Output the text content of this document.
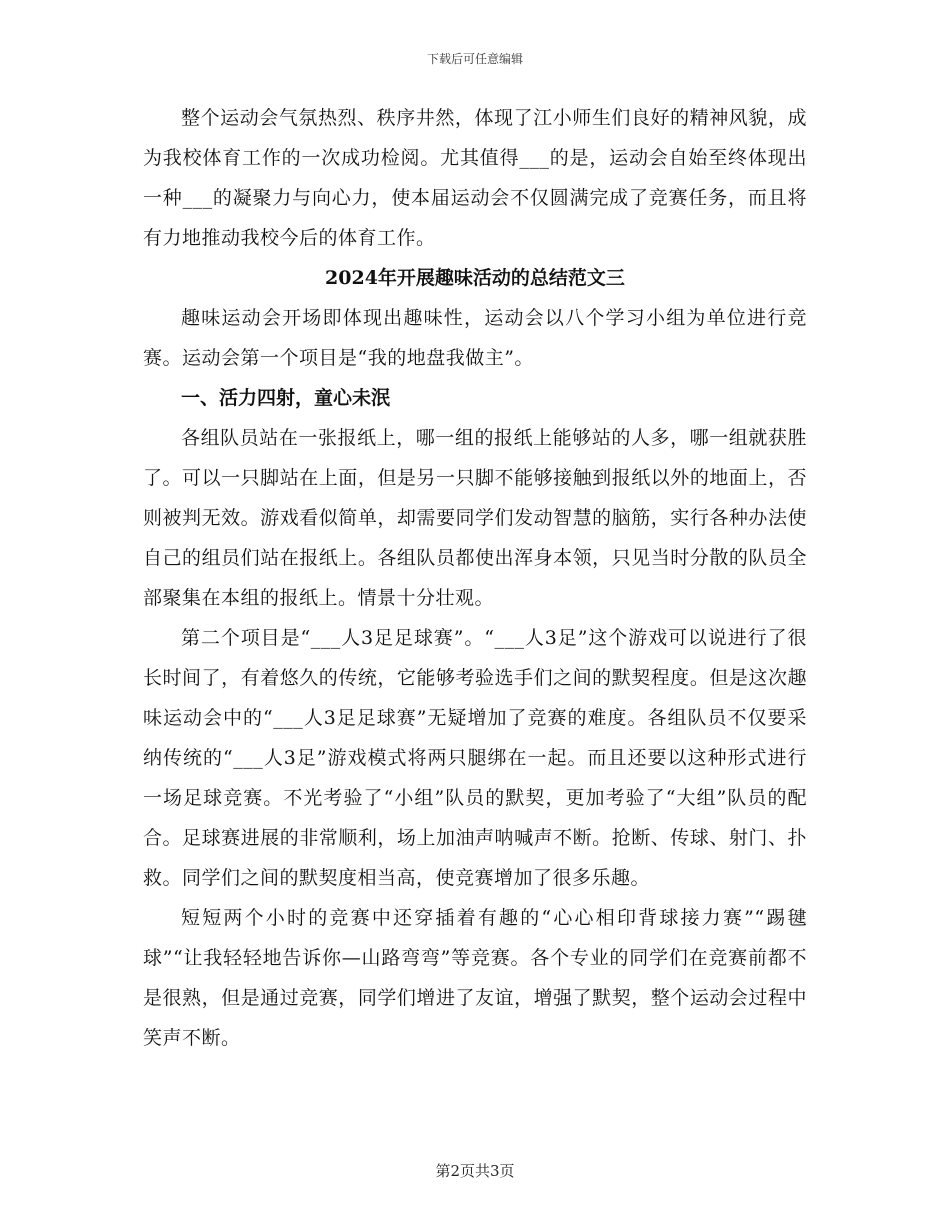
下载后可任意编辑

整个运动会气氛热烈、秩序井然，体现了江小师生们良好的精神风貌，成为我校体育工作的一次成功检阅。尤其值得___的是，运动会自始至终体现出一种___的凝聚力与向心力，使本届运动会不仅圆满完成了竞赛任务，而且将有力地推动我校今后的体育工作。

2024年开展趣味活动的总结范文三

趣味运动会开场即体现出趣味性，运动会以八个学习小组为单位进行竞赛。运动会第一个项目是“我的地盘我做主”。

一、活力四射，童心未泯

各组队员站在一张报纸上，哪一组的报纸上能够站的人多，哪一组就获胜了。可以一只脚站在上面，但是另一只脚不能够接触到报纸以外的地面上，否则被判无效。游戏看似简单，却需要同学们发动智慧的脑筋，实行各种办法使自己的组员们站在报纸上。各组队员都使出浑身本领，只见当时分散的队员全部聚集在本组的报纸上。情景十分壮观。

第二个项目是“___人3足足球赛”。“___人3足”这个游戏可以说进行了很长时间了，有着悠久的传统，它能够考验选手们之间的默契程度。但是这次趣味运动会中的“___人3足足球赛”无疑增加了竞赛的难度。各组队员不仅要采纳传统的“___人3足”游戏模式将两只腿绑在一起。而且还要以这种形式进行一场足球竞赛。不光考验了“小组”队员的默契，更加考验了“大组”队员的配合。足球赛进展的非常顺利，场上加油声呐喊声不断。抢断、传球、射门、扑救。同学们之间的默契度相当高，使竞赛增加了很多乐趣。

短短两个小时的竞赛中还穿插着有趣的“心心相印背球接力赛”“踢毽球”“让我轻轻地告诉你—山路弯弯”等竞赛。各个专业的同学们在竞赛前都不是很熟，但是通过竞赛，同学们增进了友谊，增强了默契，整个运动会过程中笑声不断。

第2页共3页
